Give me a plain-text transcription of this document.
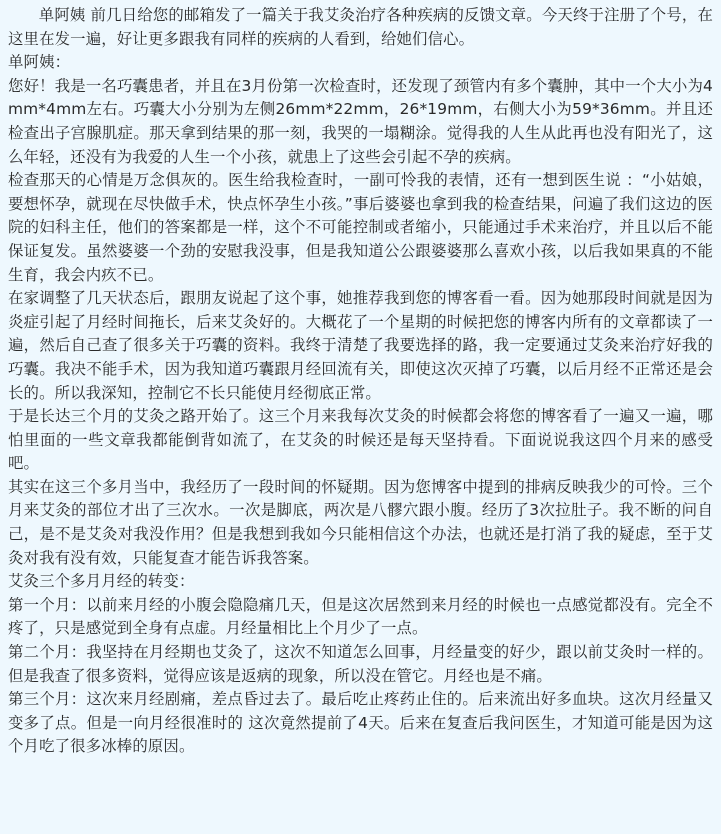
单阿姨 前几日给您的邮箱发了一篇关于我艾灸治疗各种疾病的反馈文章。今天终于注册了个号，在这里在发一遍，好让更多跟我有同样的疾病的人看到，给她们信心。

单阿姨：

您好！我是一名巧囊患者，并且在3月份第一次检查时，还发现了颈管内有多个囊肿，其中一个大小为4mm*4mm左右。巧囊大小分别为左侧26mm*22mm，26*19mm，右侧大小为59*36mm。并且还检查出子宫腺肌症。那天拿到结果的那一刻，我哭的一塌糊涂。觉得我的人生从此再也没有阳光了，这么年轻，还没有为我爱的人生一个小孩，就患上了这些会引起不孕的疾病。

检查那天的心情是万念俱灰的。医生给我检查时，一副可怜我的表情，还有一想到医生说 ：“小姑娘，要想怀孕，就现在尽快做手术，快点怀孕生小孩。”事后婆婆也拿到我的检查结果，问遍了我们这边的医院的妇科主任，他们的答案都是一样，这个不可能控制或者缩小，只能通过手术来治疗，并且以后不能保证复发。虽然婆婆一个劲的安慰我没事，但是我知道公公跟婆婆那么喜欢小孩，以后我如果真的不能生育，我会内疚不已。

在家调整了几天状态后，跟朋友说起了这个事，她推荐我到您的博客看一看。因为她那段时间就是因为炎症引起了月经时间拖长，后来艾灸好的。大概花了一个星期的时候把您的博客内所有的文章都读了一遍，然后自己查了很多关于巧囊的资料。我终于清楚了我要选择的路，我一定要通过艾灸来治疗好我的巧囊。我决不能手术，因为我知道巧囊跟月经回流有关，即使这次灭掉了巧囊，以后月经不正常还是会长的。所以我深知，控制它不长只能使月经彻底正常。

于是长达三个月的艾灸之路开始了。这三个月来我每次艾灸的时候都会将您的博客看了一遍又一遍，哪怕里面的一些文章我都能倒背如流了，在艾灸的时候还是每天坚持看。下面说说我这四个月来的感受吧。

其实在这三个多月当中，我经历了一段时间的怀疑期。因为您博客中提到的排病反映我少的可怜。三个月来艾灸的部位才出了三次水。一次是脚底，两次是八髎穴跟小腹。经历了3次拉肚子。我不断的问自己，是不是艾灸对我没作用？但是我想到我如今只能相信这个办法，也就还是打消了我的疑虑，至于艾灸对我有没有效，只能复查才能告诉我答案。

艾灸三个多月月经的转变：

第一个月：以前来月经的小腹会隐隐痛几天，但是这次居然到来月经的时候也一点感觉都没有。完全不疼了，只是感觉到全身有点虚。月经量相比上个月少了一点。

第二个月：我坚持在月经期也艾灸了，这次不知道怎么回事，月经量变的好少，跟以前艾灸时一样的。但是我查了很多资料，觉得应该是返病的现象，所以没在管它。月经也是不痛。

第三个月：这次来月经剧痛，差点昏过去了。最后吃止疼药止住的。后来流出好多血块。这次月经量又变多了点。但是一向月经很准时的 这次竟然提前了4天。后来在复查后我问医生，才知道可能是因为这个月吃了很多冰棒的原因。
